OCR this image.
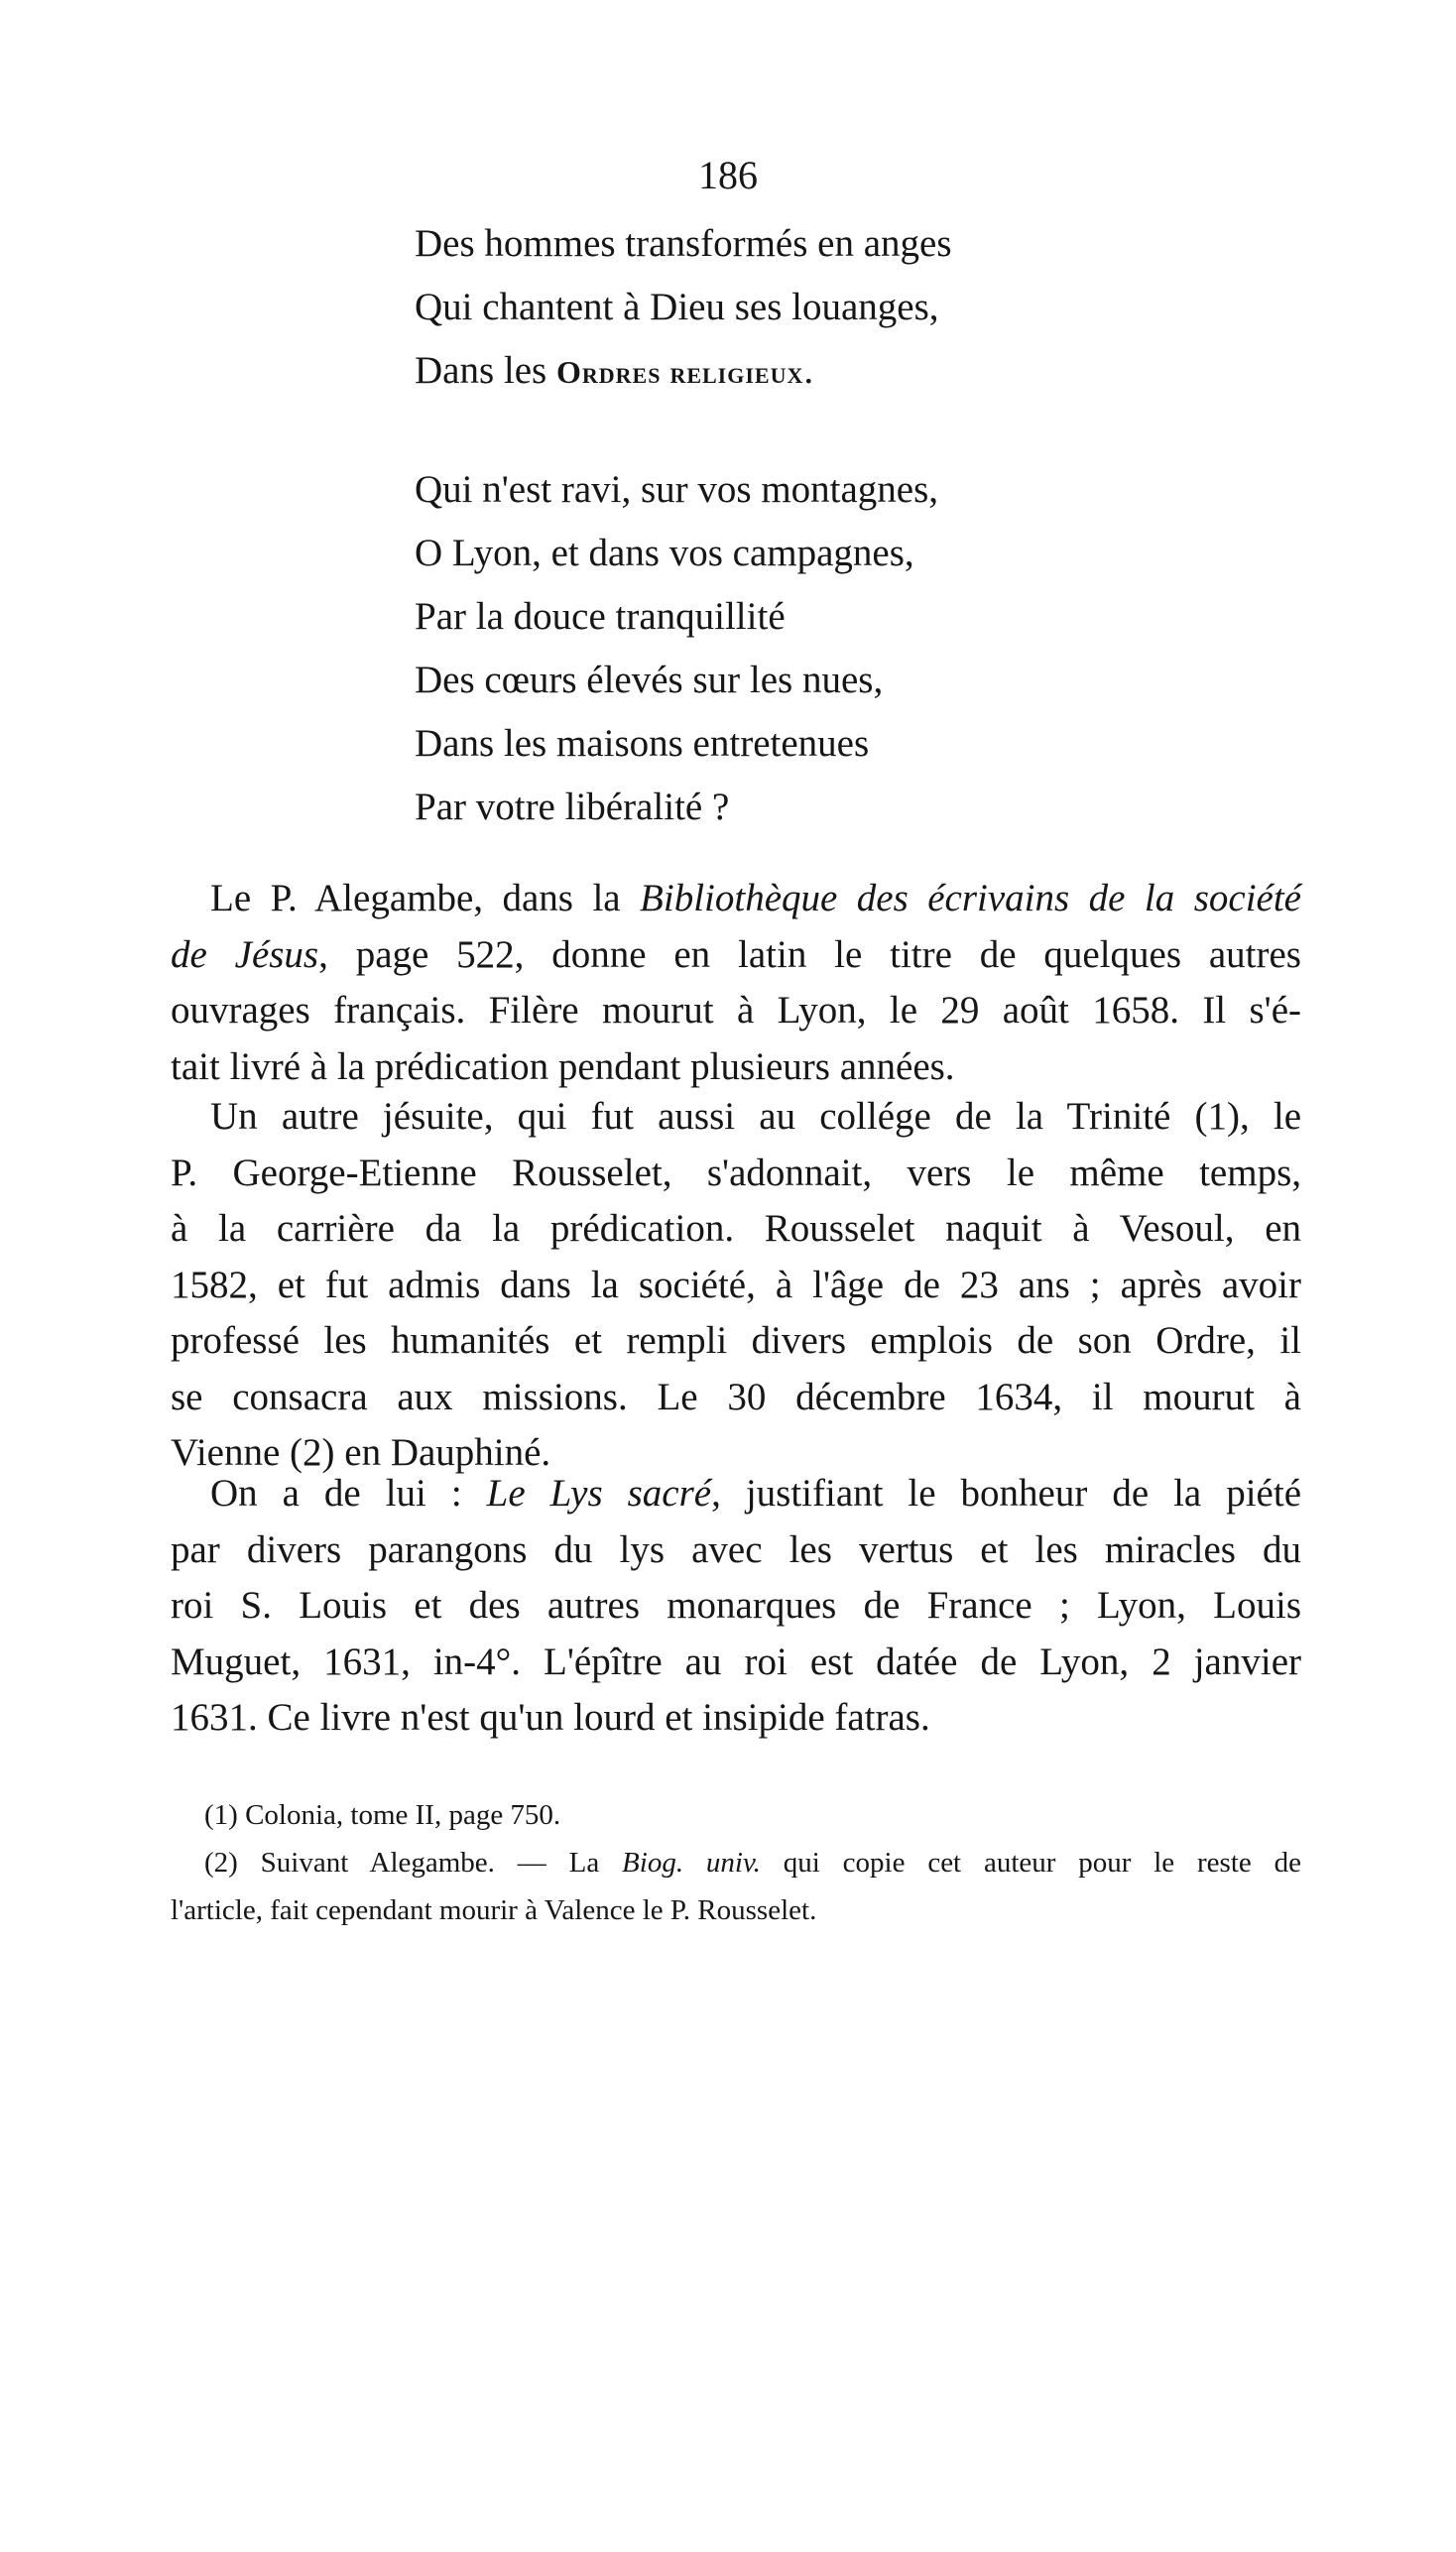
186
Des hommes transformés en anges
Qui chantent à Dieu ses louanges,
Dans les Ordres religieux.
Qui n'est ravi, sur vos montagnes,
O Lyon, et dans vos campagnes,
Par la douce tranquillité
Des cœurs élevés sur les nues,
Dans les maisons entretenues
Par votre libéralité ?
Le P. Alegambe, dans la Bibliothèque des écrivains de la société
de Jésus, page 522, donne en latin le titre de quelques autres
ouvrages français. Filère mourut à Lyon, le 29 août 1658. Il s'é-
tait livré à la prédication pendant plusieurs années.
Un autre jésuite, qui fut aussi au collége de la Trinité (1), le
P. George-Etienne Rousselet, s'adonnait, vers le même temps,
à la carrière da la prédication. Rousselet naquit à Vesoul, en
1582, et fut admis dans la société, à l'âge de 23 ans ; après avoir
professé les humanités et rempli divers emplois de son Ordre, il
se consacra aux missions. Le 30 décembre 1634, il mourut à
Vienne (2) en Dauphiné.
On a de lui : Le Lys sacré, justifiant le bonheur de la piété
par divers parangons du lys avec les vertus et les miracles du
roi S. Louis et des autres monarques de France ; Lyon, Louis
Muguet, 1631, in-4°. L'épître au roi est datée de Lyon, 2 janvier
1631. Ce livre n'est qu'un lourd et insipide fatras.
(1) Colonia, tome II, page 750.
(2) Suivant Alegambe. — La Biog. univ. qui copie cet auteur pour le reste de
l'article, fait cependant mourir à Valence le P. Rousselet.
